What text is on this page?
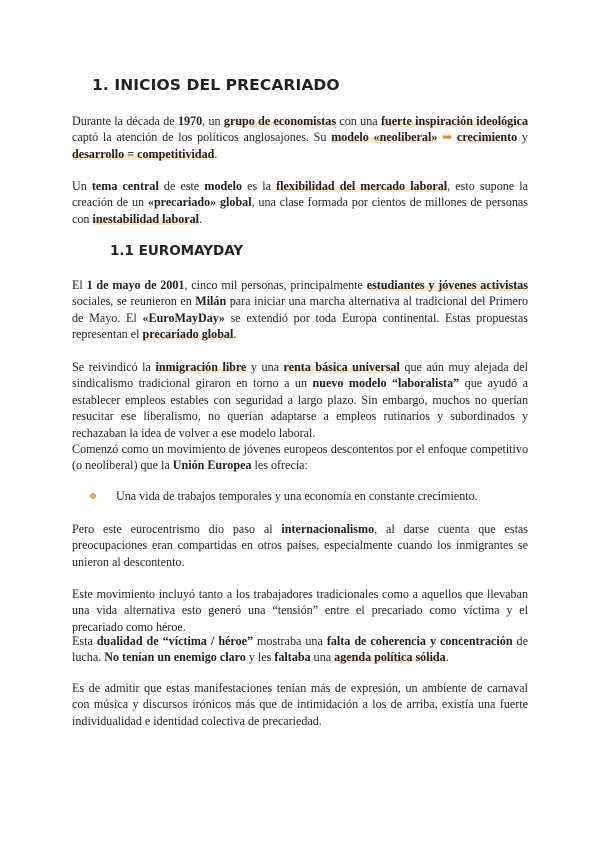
1. INICIOS DEL PRECARIADO

Durante la década de 1970, un grupo de economistas con una fuerte inspiración ideológica captó la atención de los políticos anglosajones. Su modelo «neoliberal» ➡ crecimiento y desarrollo = competitividad.

Un tema central de este modelo es la flexibilidad del mercado laboral, esto supone la creación de un «precariado» global, una clase formada por cientos de millones de personas con inestabilidad laboral.

1.1 EUROMAYDAY

El 1 de mayo de 2001, cinco mil personas, principalmente estudiantes y jóvenes activistas sociales, se reunieron en Milán para iniciar una marcha alternativa al tradicional del Primero de Mayo. El «EuroMayDay» se extendió por toda Europa continental. Estas propuestas representan el precariado global.

Se reivindicó la inmigración libre y una renta básica universal que aún muy alejada del sindicalismo tradicional giraron en torno a un nuevo modelo “laboralista” que ayudó a establecer empleos estables con seguridad a largo plazo. Sin embargo, muchos no querían resucitar ese liberalismo, no querían adaptarse a empleos rutinarios y subordinados y rechazaban la idea de volver a ese modelo laboral.

Comenzó como un movimiento de jóvenes europeos descontentos por el enfoque competitivo (o neoliberal) que la Unión Europea les ofrecía:

Una vida de trabajos temporales y una economía en constante crecimiento.

Pero este eurocentrismo dio paso al internacionalismo, al darse cuenta que estas preocupaciones eran compartidas en otros países, especialmente cuando los inmigrantes se unieron al descontento.

Este movimiento incluyó tanto a los trabajadores tradicionales como a aquellos que llevaban una vida alternativa esto generó una “tensión” entre el precariado como víctima y el precariado como héroe.

Esta dualidad de “víctima / héroe” mostraba una falta de coherencia y concentración de lucha. No tenían un enemigo claro y les faltaba una agenda política sólida.

Es de admitir que estas manifestaciones tenían más de expresión, un ambiente de carnaval con música y discursos irónicos más que de intimidación a los de arriba, existía una fuerte individualidad e identidad colectiva de precariedad.
